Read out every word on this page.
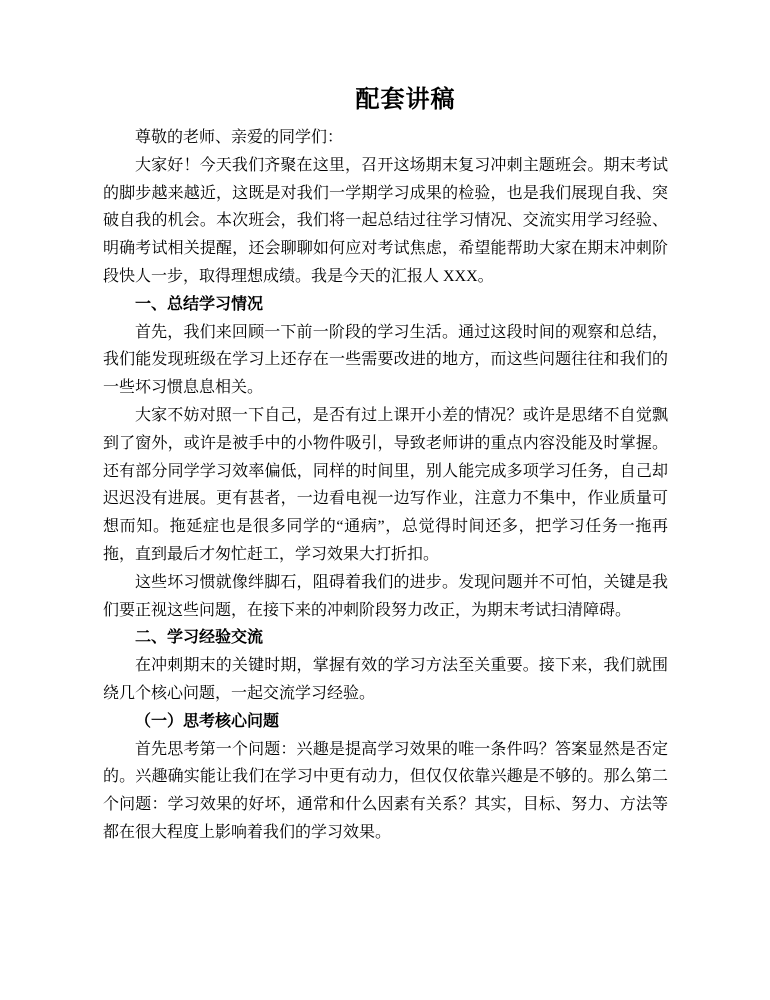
配套讲稿

尊敬的老师、亲爱的同学们：

大家好！今天我们齐聚在这里，召开这场期末复习冲刺主题班会。期末考试的脚步越来越近，这既是对我们一学期学习成果的检验，也是我们展现自我、突破自我的机会。本次班会，我们将一起总结过往学习情况、交流实用学习经验、明确考试相关提醒，还会聊聊如何应对考试焦虑，希望能帮助大家在期末冲刺阶段快人一步，取得理想成绩。我是今天的汇报人 XXX。

一、总结学习情况

首先，我们来回顾一下前一阶段的学习生活。通过这段时间的观察和总结，我们能发现班级在学习上还存在一些需要改进的地方，而这些问题往往和我们的一些坏习惯息息相关。

大家不妨对照一下自己，是否有过上课开小差的情况？或许是思绪不自觉飘到了窗外，或许是被手中的小物件吸引，导致老师讲的重点内容没能及时掌握。还有部分同学学习效率偏低，同样的时间里，别人能完成多项学习任务，自己却迟迟没有进展。更有甚者，一边看电视一边写作业，注意力不集中，作业质量可想而知。拖延症也是很多同学的“通病”，总觉得时间还多，把学习任务一拖再拖，直到最后才匆忙赶工，学习效果大打折扣。

这些坏习惯就像绊脚石，阻碍着我们的进步。发现问题并不可怕，关键是我们要正视这些问题，在接下来的冲刺阶段努力改正，为期末考试扫清障碍。

二、学习经验交流

在冲刺期末的关键时期，掌握有效的学习方法至关重要。接下来，我们就围绕几个核心问题，一起交流学习经验。

（一）思考核心问题

首先思考第一个问题：兴趣是提高学习效果的唯一条件吗？答案显然是否定的。兴趣确实能让我们在学习中更有动力，但仅仅依靠兴趣是不够的。那么第二个问题：学习效果的好坏，通常和什么因素有关系？其实，目标、努力、方法等都在很大程度上影响着我们的学习效果。
